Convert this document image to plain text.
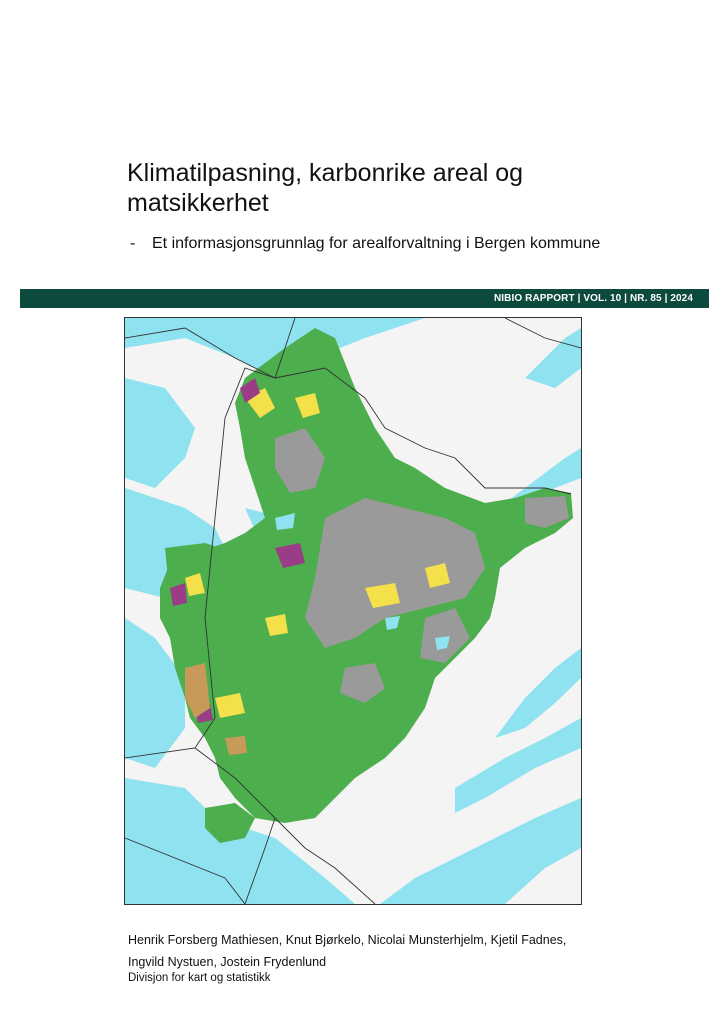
Klimatilpasning, karbonrike areal og matsikkerhet
- Et informasjonsgrunnlag for arealforvaltning i Bergen kommune
NIBIO RAPPORT | VOL. 10 | NR. 85 | 2024
Henrik Forsberg Mathiesen, Knut Bjørkelo, Nicolai Munsterhjelm, Kjetil Fadnes,
Ingvild Nystuen, Jostein Frydenlund
Divisjon for kart og statistikk
